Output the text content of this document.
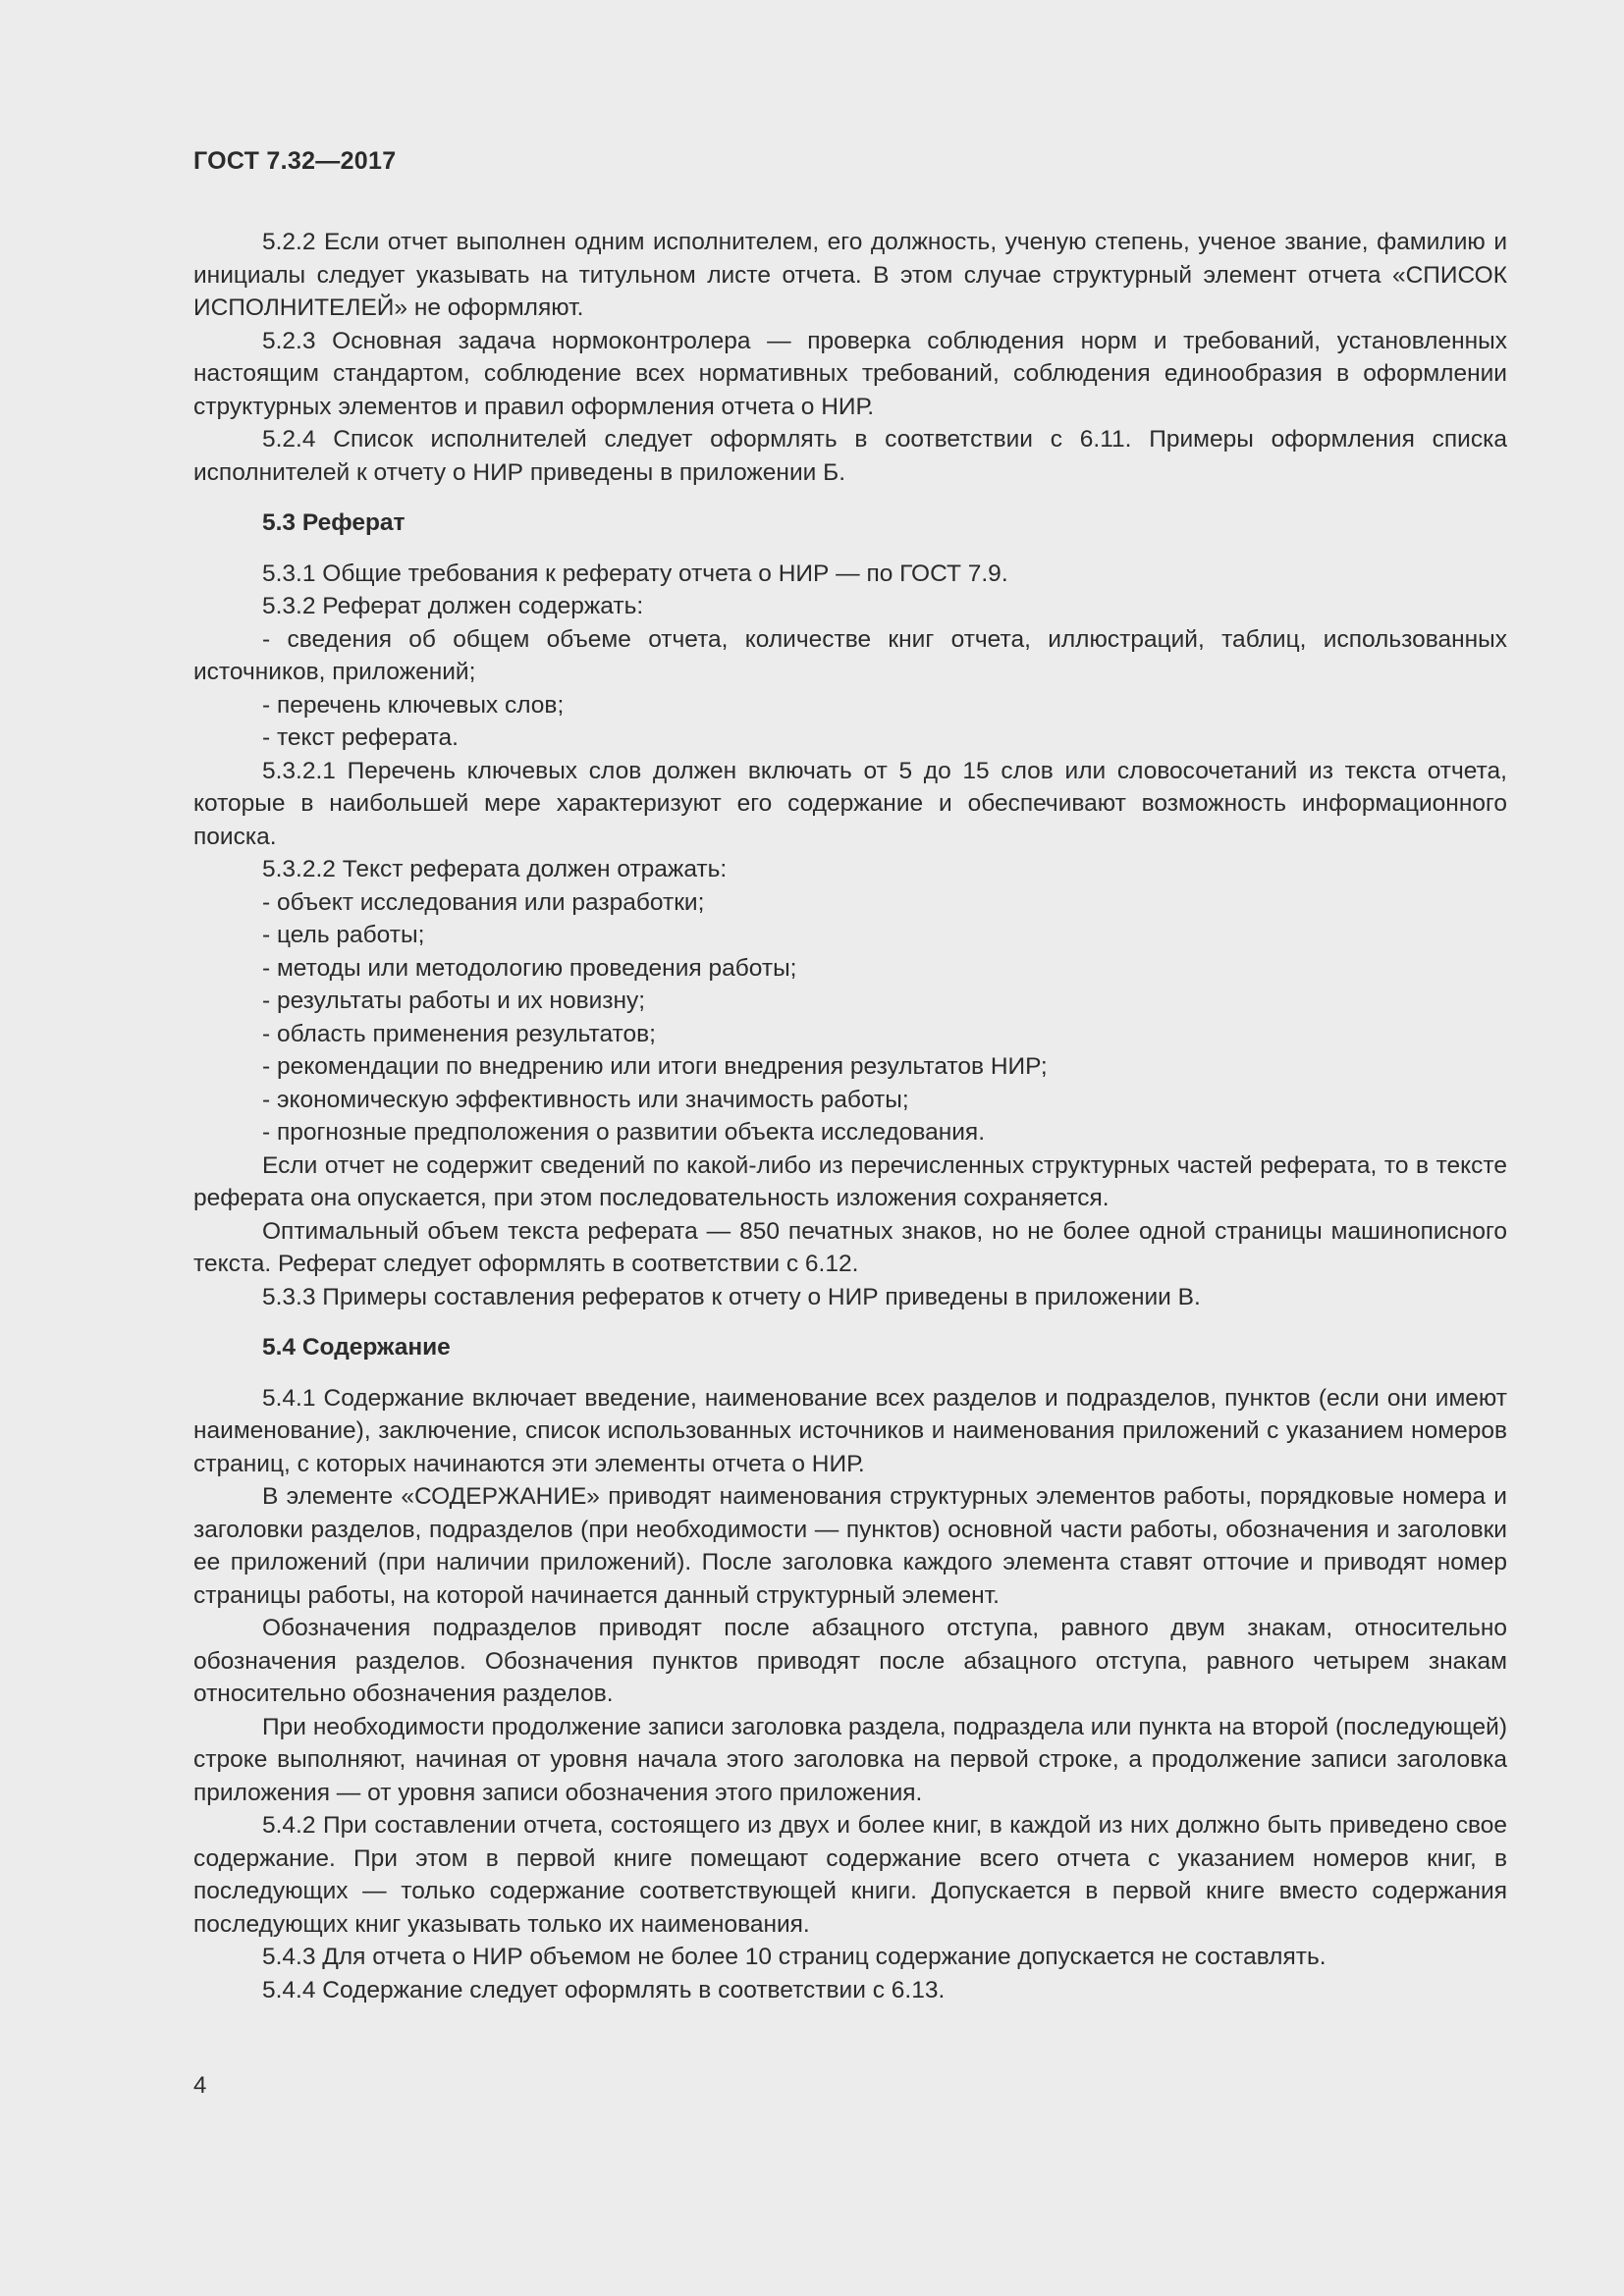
ГОСТ 7.32—2017

5.2.2 Если отчет выполнен одним исполнителем, его должность, ученую степень, ученое звание, фамилию и инициалы следует указывать на титульном листе отчета. В этом случае структурный элемент отчета «СПИСОК ИСПОЛНИТЕЛЕЙ» не оформляют.

5.2.3 Основная задача нормоконтролера — проверка соблюдения норм и требований, установленных настоящим стандартом, соблюдение всех нормативных требований, соблюдения единообразия в оформлении структурных элементов и правил оформления отчета о НИР.

5.2.4 Список исполнителей следует оформлять в соответствии с 6.11. Примеры оформления списка исполнителей к отчету о НИР приведены в приложении Б.

5.3 Реферат

5.3.1 Общие требования к реферату отчета о НИР — по ГОСТ 7.9.

5.3.2 Реферат должен содержать:

- сведения об общем объеме отчета, количестве книг отчета, иллюстраций, таблиц, использованных источников, приложений;

- перечень ключевых слов;

- текст реферата.

5.3.2.1 Перечень ключевых слов должен включать от 5 до 15 слов или словосочетаний из текста отчета, которые в наибольшей мере характеризуют его содержание и обеспечивают возможность информационного поиска.

5.3.2.2 Текст реферата должен отражать:

- объект исследования или разработки;

- цель работы;

- методы или методологию проведения работы;

- результаты работы и их новизну;

- область применения результатов;

- рекомендации по внедрению или итоги внедрения результатов НИР;

- экономическую эффективность или значимость работы;

- прогнозные предположения о развитии объекта исследования.

Если отчет не содержит сведений по какой-либо из перечисленных структурных частей реферата, то в тексте реферата она опускается, при этом последовательность изложения сохраняется.

Оптимальный объем текста реферата — 850 печатных знаков, но не более одной страницы машинописного текста. Реферат следует оформлять в соответствии с 6.12.

5.3.3 Примеры составления рефератов к отчету о НИР приведены в приложении В.

5.4 Содержание

5.4.1 Содержание включает введение, наименование всех разделов и подразделов, пунктов (если они имеют наименование), заключение, список использованных источников и наименования приложений с указанием номеров страниц, с которых начинаются эти элементы отчета о НИР.

В элементе «СОДЕРЖАНИЕ» приводят наименования структурных элементов работы, порядковые номера и заголовки разделов, подразделов (при необходимости — пунктов) основной части работы, обозначения и заголовки ее приложений (при наличии приложений). После заголовка каждого элемента ставят отточие и приводят номер страницы работы, на которой начинается данный структурный элемент.

Обозначения подразделов приводят после абзацного отступа, равного двум знакам, относительно обозначения разделов. Обозначения пунктов приводят после абзацного отступа, равного четырем знакам относительно обозначения разделов.

При необходимости продолжение записи заголовка раздела, подраздела или пункта на второй (последующей) строке выполняют, начиная от уровня начала этого заголовка на первой строке, а продолжение записи заголовка приложения — от уровня записи обозначения этого приложения.

5.4.2 При составлении отчета, состоящего из двух и более книг, в каждой из них должно быть приведено свое содержание. При этом в первой книге помещают содержание всего отчета с указанием номеров книг, в последующих — только содержание соответствующей книги. Допускается в первой книге вместо содержания последующих книг указывать только их наименования.

5.4.3 Для отчета о НИР объемом не более 10 страниц содержание допускается не составлять.

5.4.4 Содержание следует оформлять в соответствии с 6.13.

4
